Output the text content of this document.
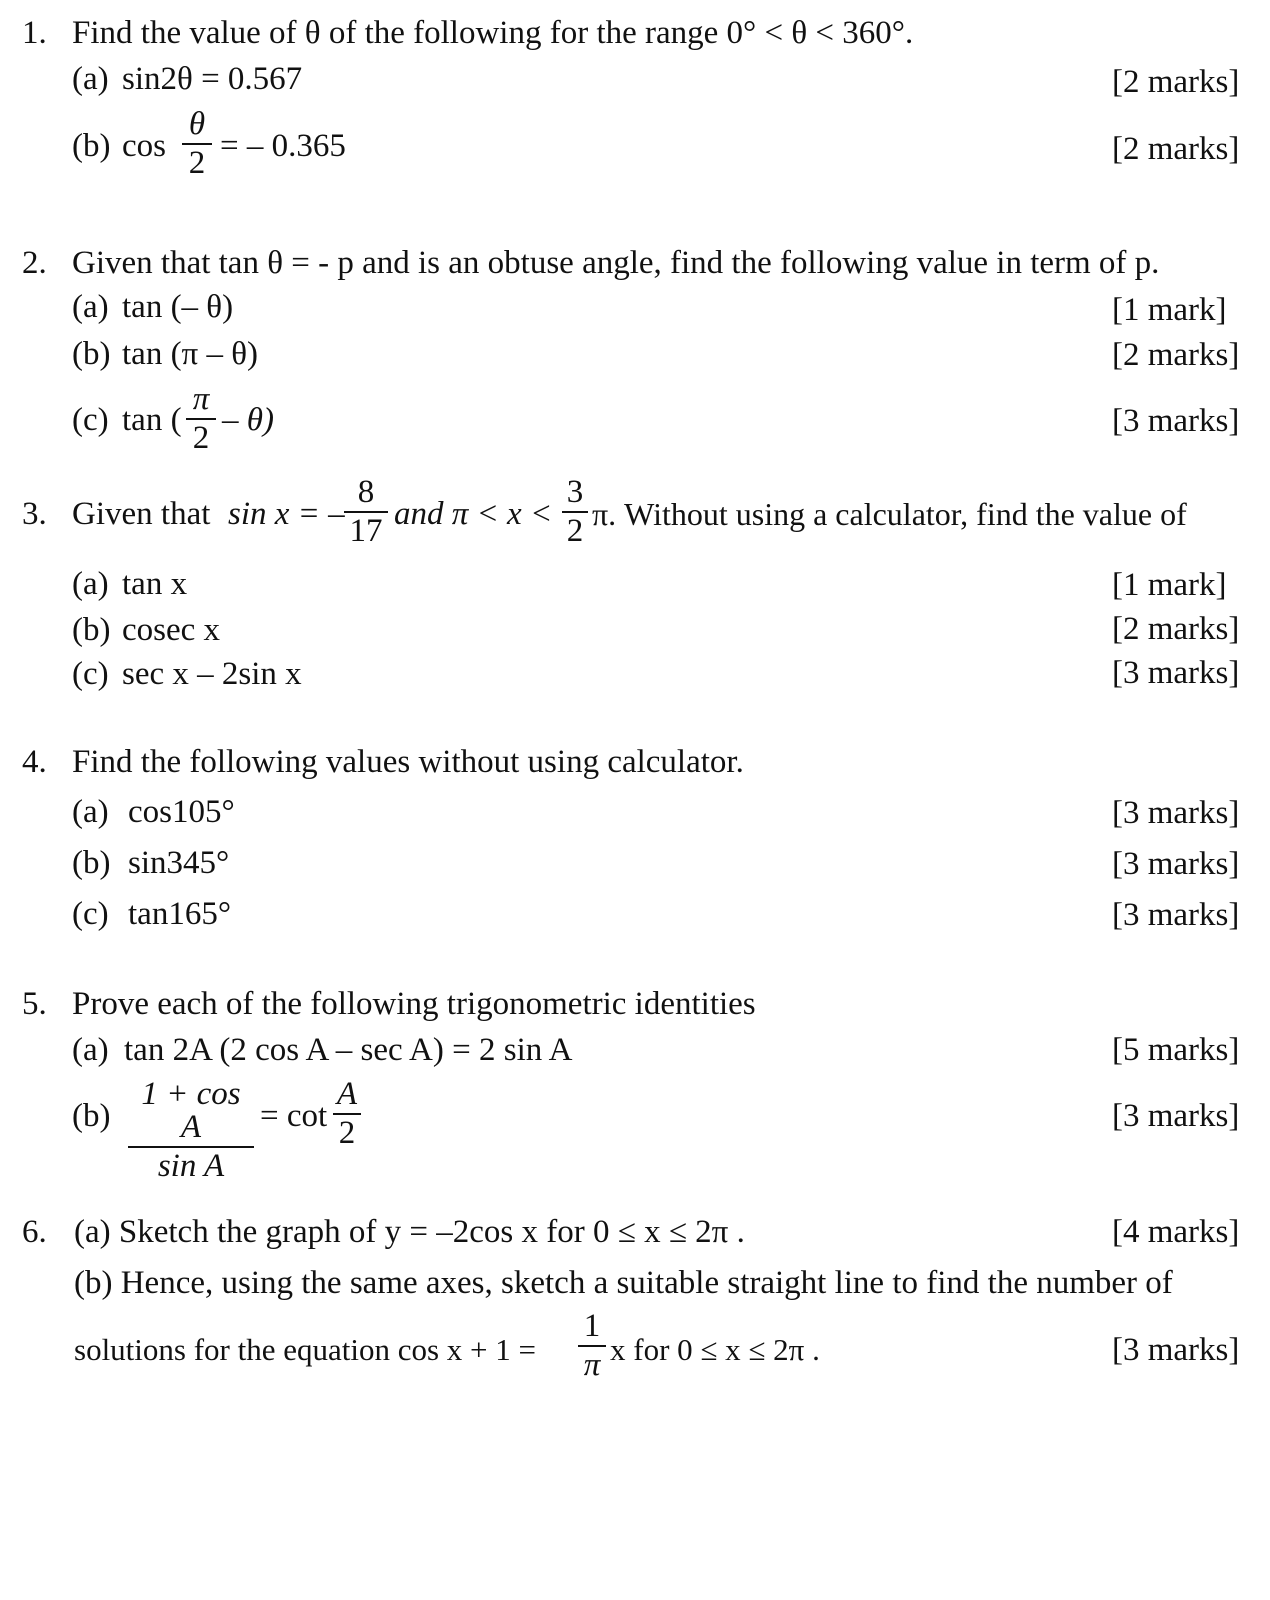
1. Find the value of θ of the following for the range 0° < θ < 360°.
(a) sin2θ = 0.567	[2 marks]
(b) cos
θ
2 = – 0.365	[2 marks]
2. Given that tan θ = - p and is an obtuse angle, find the following value in term of p.
(a) tan (– θ)	[1 mark]
(b) tan (π – θ)	[2 marks]
(c) tan (
π
2 – θ)	[3 marks]
3. Given that sin x = –
8
17 and π < x <
3
2 π. Without using a calculator, find the value of
(a) tan x	[1 mark]
(b) cosec x	[2 marks]
(c) sec x – 2sin x	[3 marks]
4. Find the following values without using calculator.
(a) cos105°	[3 marks]
(b) sin345°	[3 marks]
(c) tan165°	[3 marks]
5. Prove each of the following trigonometric identities
(a) tan 2A (2 cos A – sec A) = 2 sin A	[5 marks]
(b)
1 + cos A
sin A
= cot
A
2	[3 marks]
6. (a) Sketch the graph of y = –2cos x for 0 ≤ x ≤ 2π .	[4 marks]
(b) Hence, using the same axes, sketch a suitable straight line to find the number of
solutions for the equation cos x + 1 =
1
π x for 0 ≤ x ≤ 2π .	[3 marks]
